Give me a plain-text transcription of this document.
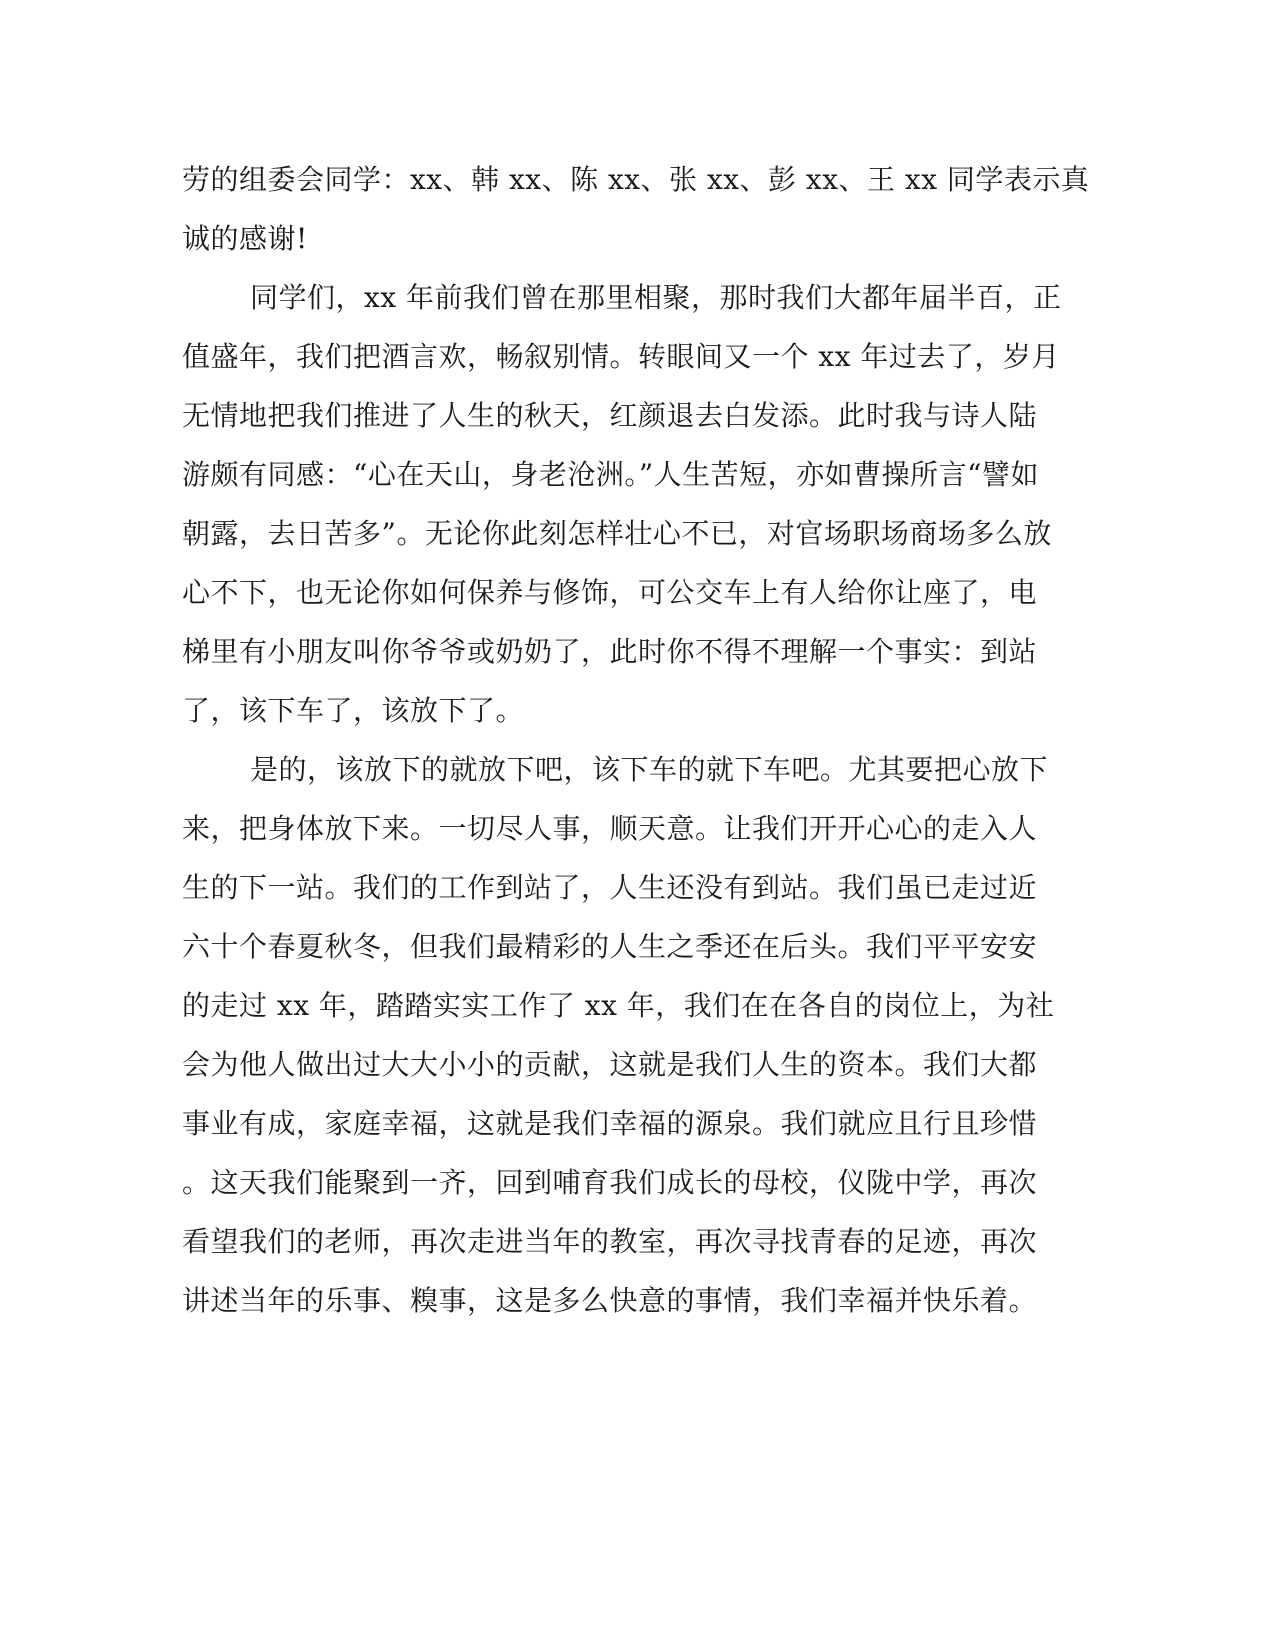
劳的组委会同学：xx、韩 xx、陈 xx、张 xx、彭 xx、王 xx 同学表示真
诚的感谢!
同学们，xx 年前我们曾在那里相聚，那时我们大都年届半百，正
值盛年，我们把酒言欢，畅叙别情。转眼间又一个 xx 年过去了，岁月
无情地把我们推进了人生的秋天，红颜退去白发添。此时我与诗人陆
游颇有同感：“心在天山，身老沧洲。”人生苦短，亦如曹操所言“譬如
朝露，去日苦多”。无论你此刻怎样壮心不已，对官场职场商场多么放
心不下，也无论你如何保养与修饰，可公交车上有人给你让座了，电
梯里有小朋友叫你爷爷或奶奶了，此时你不得不理解一个事实：到站
了，该下车了，该放下了。
是的，该放下的就放下吧，该下车的就下车吧。尤其要把心放下
来，把身体放下来。一切尽人事，顺天意。让我们开开心心的走入人
生的下一站。我们的工作到站了，人生还没有到站。我们虽已走过近
六十个春夏秋冬，但我们最精彩的人生之季还在后头。我们平平安安
的走过 xx 年，踏踏实实工作了 xx 年，我们在在各自的岗位上，为社
会为他人做出过大大小小的贡献，这就是我们人生的资本。我们大都
事业有成，家庭幸福，这就是我们幸福的源泉。我们就应且行且珍惜
。这天我们能聚到一齐，回到哺育我们成长的母校，仪陇中学，再次
看望我们的老师，再次走进当年的教室，再次寻找青春的足迹，再次
讲述当年的乐事、糗事，这是多么快意的事情，我们幸福并快乐着。
